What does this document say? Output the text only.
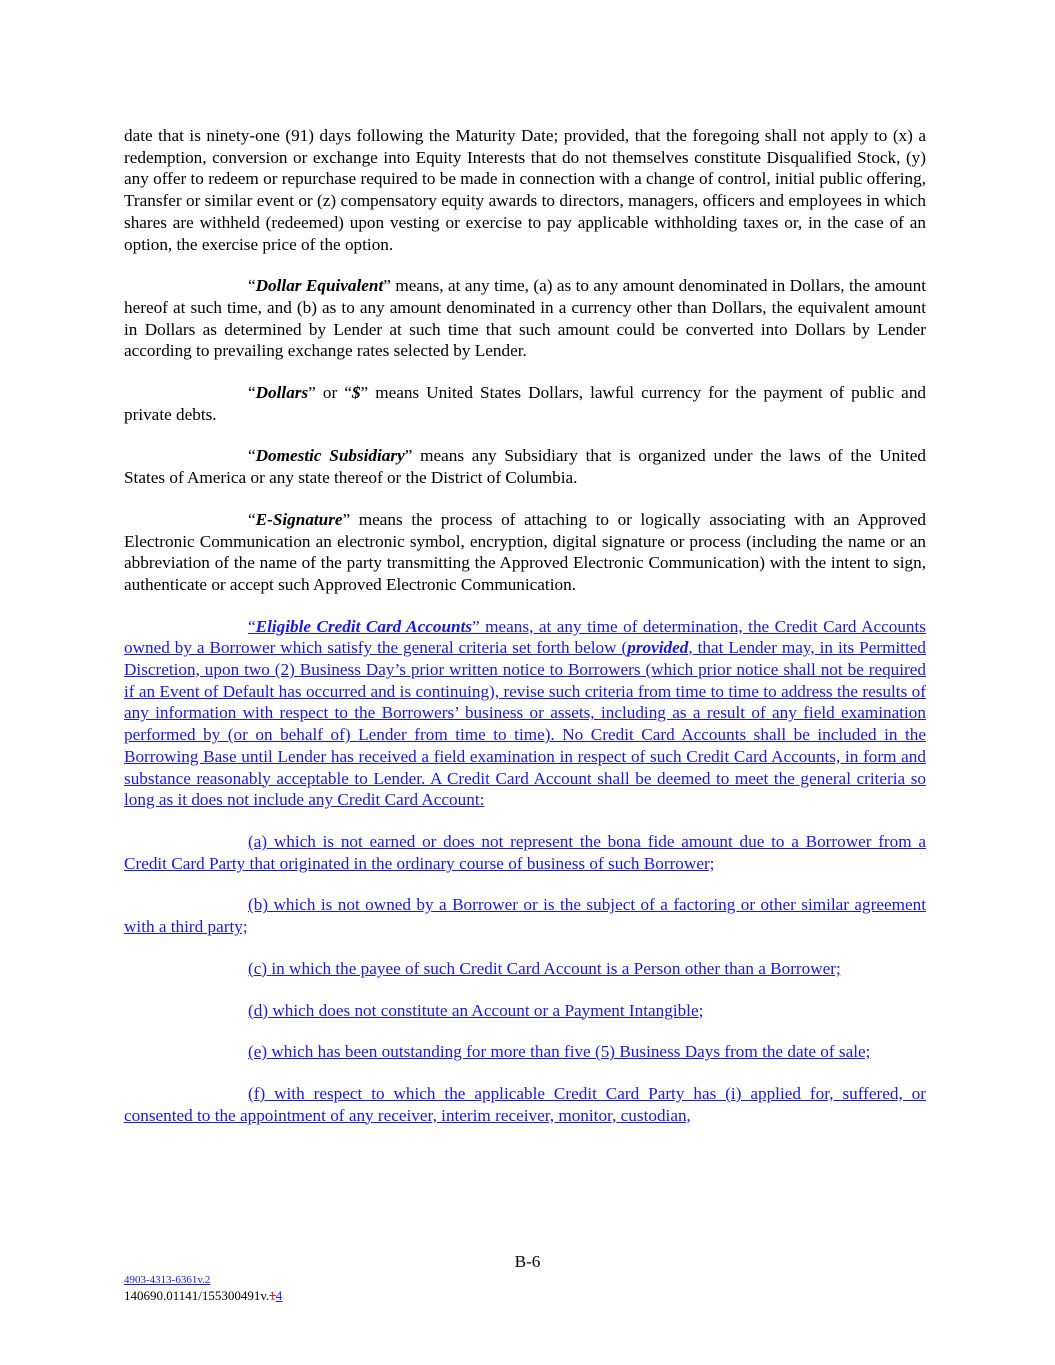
date that is ninety-one (91) days following the Maturity Date; provided, that the foregoing shall not apply to (x) a redemption, conversion or exchange into Equity Interests that do not themselves constitute Disqualified Stock, (y) any offer to redeem or repurchase required to be made in connection with a change of control, initial public offering, Transfer or similar event or (z) compensatory equity awards to directors, managers, officers and employees in which shares are withheld (redeemed) upon vesting or exercise to pay applicable withholding taxes or, in the case of an option, the exercise price of the option.

“Dollar Equivalent” means, at any time, (a) as to any amount denominated in Dollars, the amount hereof at such time, and (b) as to any amount denominated in a currency other than Dollars, the equivalent amount in Dollars as determined by Lender at such time that such amount could be converted into Dollars by Lender according to prevailing exchange rates selected by Lender.

“Dollars” or “$” means United States Dollars, lawful currency for the payment of public and private debts.

“Domestic Subsidiary” means any Subsidiary that is organized under the laws of the United States of America or any state thereof or the District of Columbia.

“E-Signature” means the process of attaching to or logically associating with an Approved Electronic Communication an electronic symbol, encryption, digital signature or process (including the name or an abbreviation of the name of the party transmitting the Approved Electronic Communication) with the intent to sign, authenticate or accept such Approved Electronic Communication.

“Eligible Credit Card Accounts” means, at any time of determination, the Credit Card Accounts owned by a Borrower which satisfy the general criteria set forth below (provided, that Lender may, in its Permitted Discretion, upon two (2) Business Day’s prior written notice to Borrowers (which prior notice shall not be required if an Event of Default has occurred and is continuing), revise such criteria from time to time to address the results of any information with respect to the Borrowers’ business or assets, including as a result of any field examination performed by (or on behalf of) Lender from time to time). No Credit Card Accounts shall be included in the Borrowing Base until Lender has received a field examination in respect of such Credit Card Accounts, in form and substance reasonably acceptable to Lender. A Credit Card Account shall be deemed to meet the general criteria so long as it does not include any Credit Card Account:

(a) which is not earned or does not represent the bona fide amount due to a Borrower from a Credit Card Party that originated in the ordinary course of business of such Borrower;

(b) which is not owned by a Borrower or is the subject of a factoring or other similar agreement with a third party;

(c) in which the payee of such Credit Card Account is a Person other than a Borrower;

(d) which does not constitute an Account or a Payment Intangible;

(e) which has been outstanding for more than five (5) Business Days from the date of sale;

(f) with respect to which the applicable Credit Card Party has (i) applied for, suffered, or consented to the appointment of any receiver, interim receiver, monitor, custodian,

B-6
4903-4313-6361v.2
140690.01141/155300491v.14
